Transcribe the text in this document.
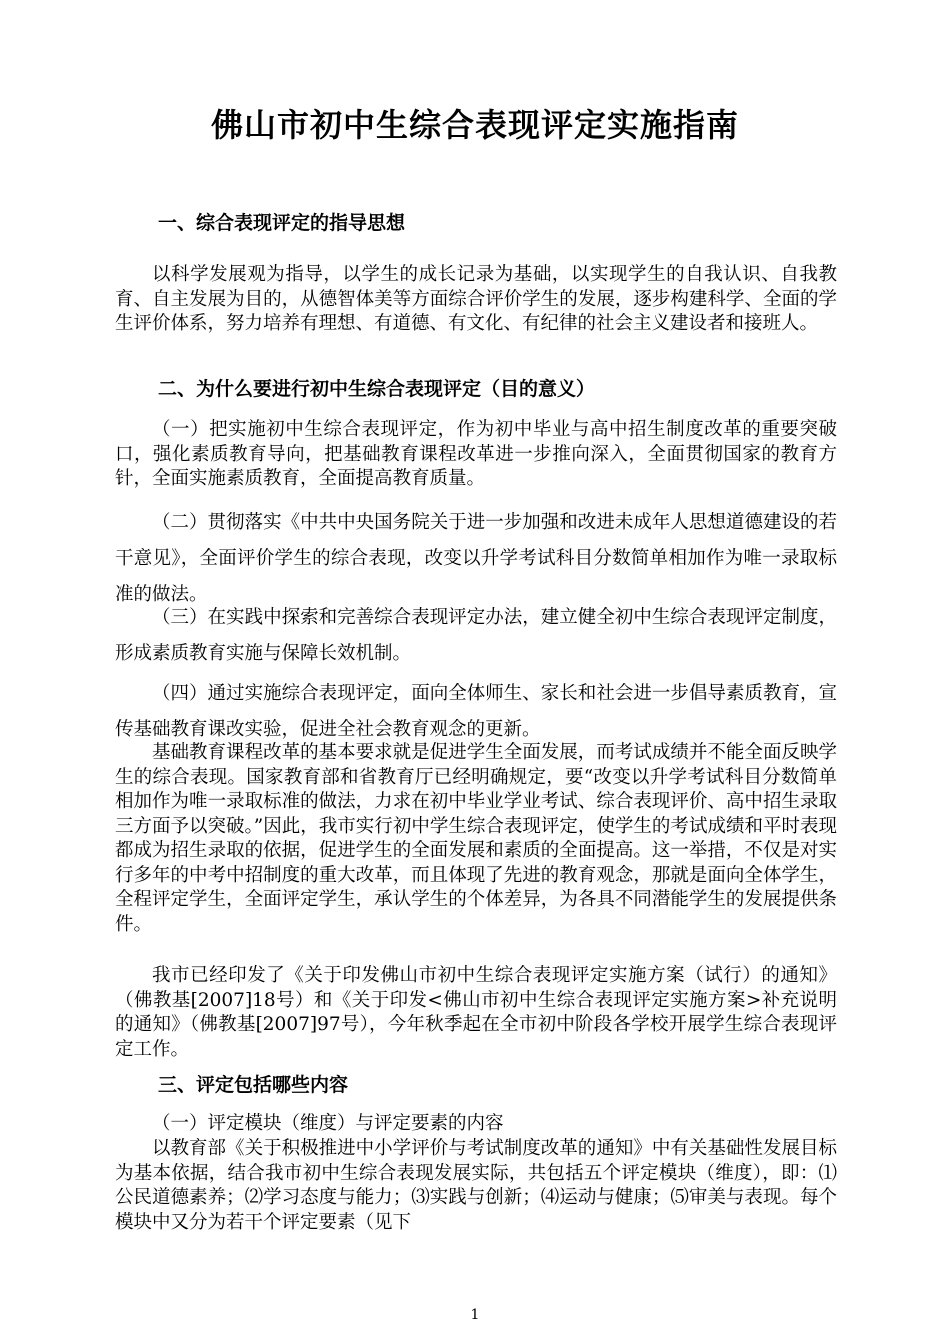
佛山市初中生综合表现评定实施指南
一、综合表现评定的指导思想
以科学发展观为指导，以学生的成长记录为基础，以实现学生的自我认识、自我教育、自主发展为目的，从德智体美等方面综合评价学生的发展，逐步构建科学、全面的学生评价体系，努力培养有理想、有道德、有文化、有纪律的社会主义建设者和接班人。
二、为什么要进行初中生综合表现评定（目的意义）
（一）把实施初中生综合表现评定，作为初中毕业与高中招生制度改革的重要突破口，强化素质教育导向，把基础教育课程改革进一步推向深入，全面贯彻国家的教育方针，全面实施素质教育，全面提高教育质量。
（二）贯彻落实《中共中央国务院关于进一步加强和改进未成年人思想道德建设的若干意见》，全面评价学生的综合表现，改变以升学考试科目分数简单相加作为唯一录取标准的做法。
（三）在实践中探索和完善综合表现评定办法，建立健全初中生综合表现评定制度，形成素质教育实施与保障长效机制。
（四）通过实施综合表现评定，面向全体师生、家长和社会进一步倡导素质教育，宣传基础教育课改实验，促进全社会教育观念的更新。
基础教育课程改革的基本要求就是促进学生全面发展，而考试成绩并不能全面反映学生的综合表现。国家教育部和省教育厅已经明确规定，要“改变以升学考试科目分数简单相加作为唯一录取标准的做法，力求在初中毕业学业考试、综合表现评价、高中招生录取三方面予以突破。”因此，我市实行初中学生综合表现评定，使学生的考试成绩和平时表现都成为招生录取的依据，促进学生的全面发展和素质的全面提高。这一举措，不仅是对实行多年的中考中招制度的重大改革，而且体现了先进的教育观念，那就是面向全体学生，全程评定学生，全面评定学生，承认学生的个体差异，为各具不同潜能学生的发展提供条件。
我市已经印发了《关于印发佛山市初中生综合表现评定实施方案（试行）的通知》（佛教基[2007]18号）和《关于印发<佛山市初中生综合表现评定实施方案>补充说明的通知》（佛教基[2007]97号），今年秋季起在全市初中阶段各学校开展学生综合表现评定工作。
三、评定包括哪些内容
（一）评定模块（维度）与评定要素的内容
以教育部《关于积极推进中小学评价与考试制度改革的通知》中有关基础性发展目标为基本依据，结合我市初中生综合表现发展实际，共包括五个评定模块（维度），即：⑴ 公民道德素养；⑵学习态度与能力；⑶实践与创新；⑷运动与健康；⑸审美与表现。每个模块中又分为若干个评定要素（见下
1
